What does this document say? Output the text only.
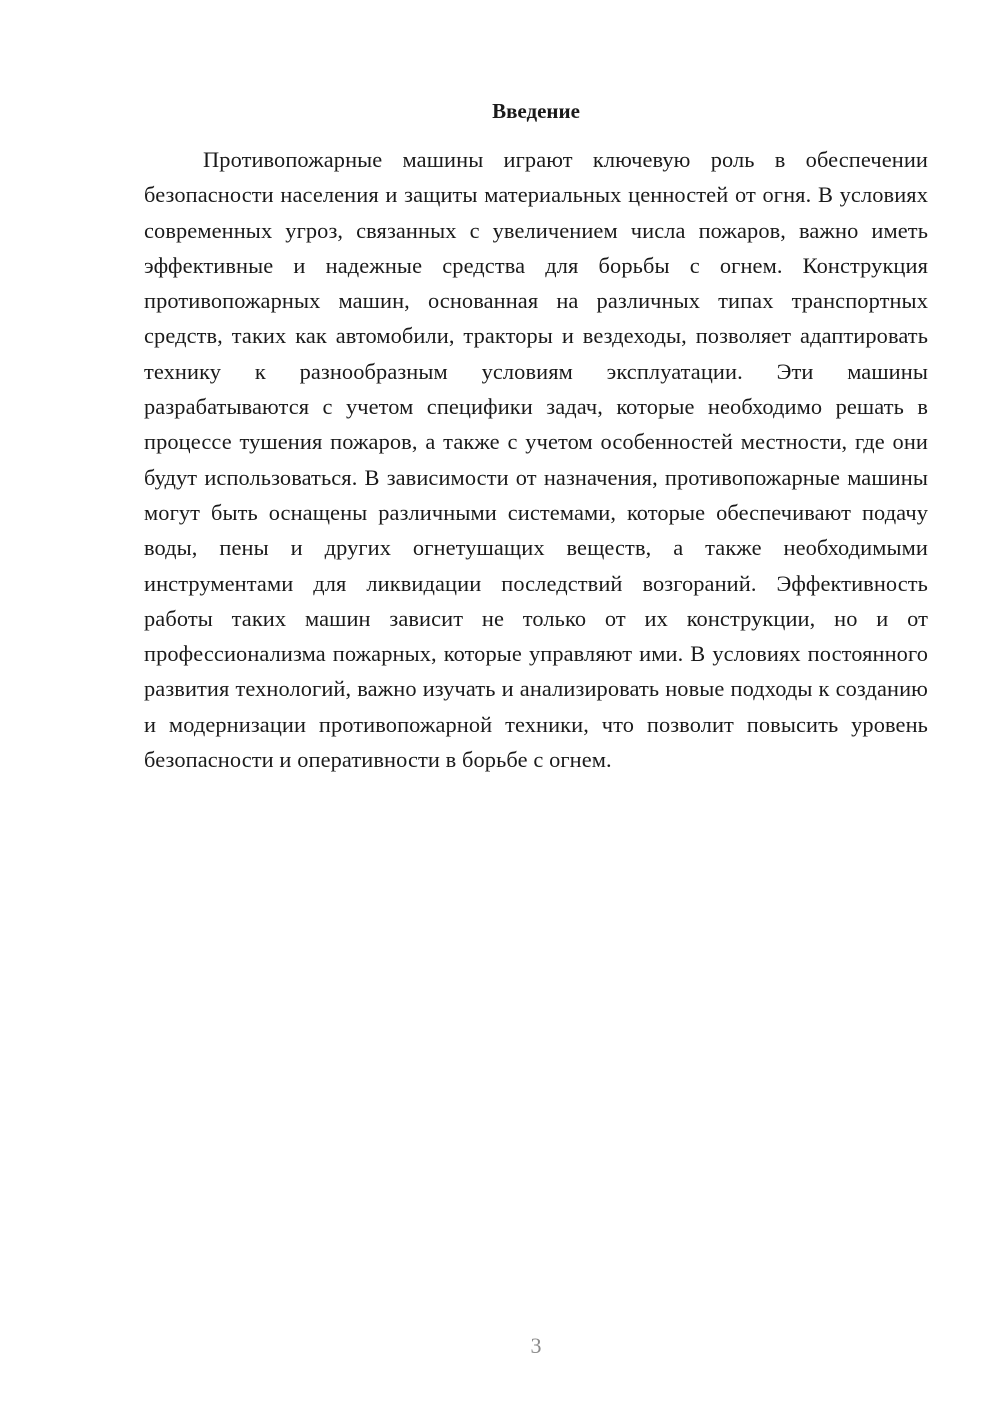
Введение

Противопожарные машины играют ключевую роль в обеспечении безопасности населения и защиты материальных ценностей от огня. В условиях современных угроз, связанных с увеличением числа пожаров, важно иметь эффективные и надежные средства для борьбы с огнем. Конструкция противопожарных машин, основанная на различных типах транспортных средств, таких как автомобили, тракторы и вездеходы, позволяет адаптировать технику к разнообразным условиям эксплуатации. Эти машины разрабатываются с учетом специфики задач, которые необходимо решать в процессе тушения пожаров, а также с учетом особенностей местности, где они будут использоваться. В зависимости от назначения, противопожарные машины могут быть оснащены различными системами, которые обеспечивают подачу воды, пены и других огнетушащих веществ, а также необходимыми инструментами для ликвидации последствий возгораний. Эффективность работы таких машин зависит не только от их конструкции, но и от профессионализма пожарных, которые управляют ими. В условиях постоянного развития технологий, важно изучать и анализировать новые подходы к созданию и модернизации противопожарной техники, что позволит повысить уровень безопасности и оперативности в борьбе с огнем.

3
